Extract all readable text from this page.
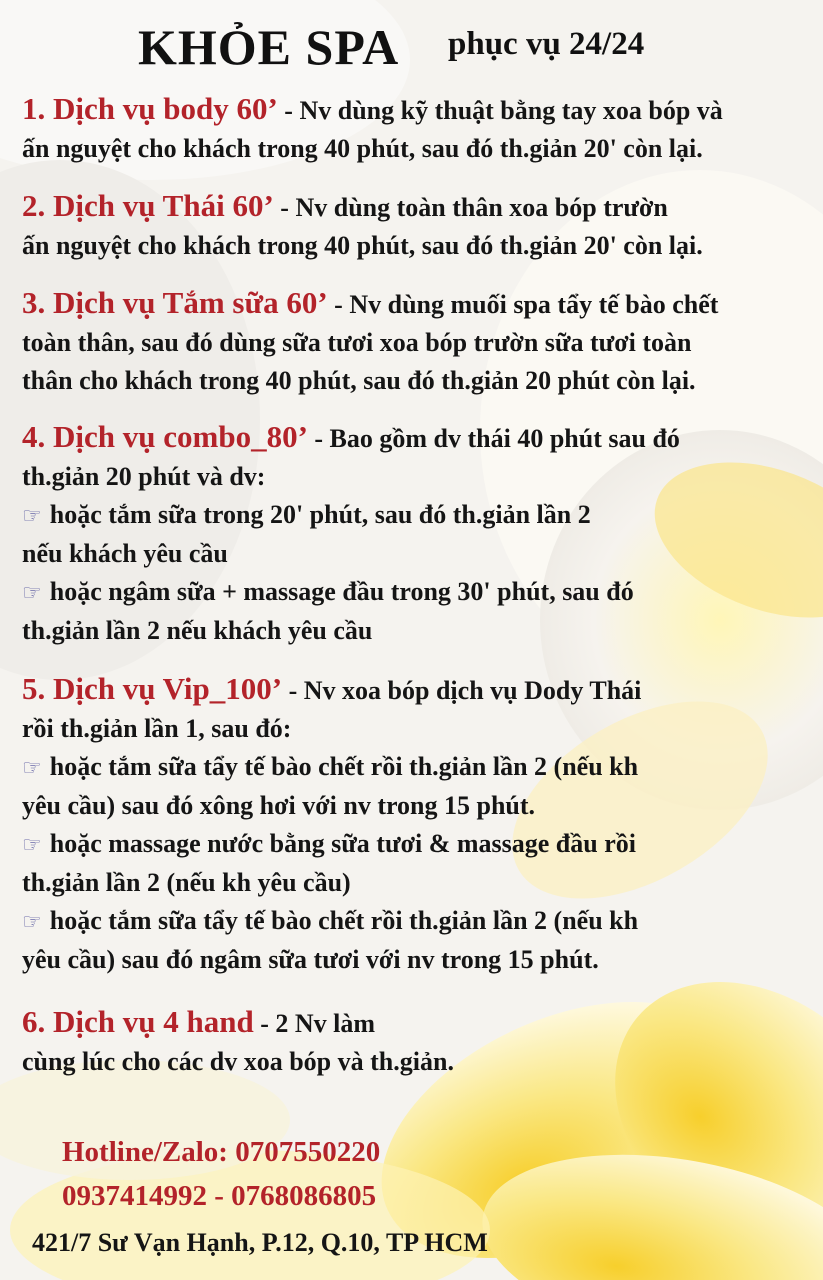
KHỎE SPA phục vụ 24/24
1. Dịch vụ body 60’ - Nv dùng kỹ thuật bằng tay xoa bóp và
ấn nguyệt cho khách trong 40 phút, sau đó th.giản 20' còn lại.
2. Dịch vụ Thái 60’ - Nv dùng toàn thân xoa bóp trườn
ấn nguyệt cho khách trong 40 phút, sau đó th.giản 20' còn lại.
3. Dịch vụ Tắm sữa 60’ - Nv dùng muối spa tẩy tế bào chết
toàn thân, sau đó dùng sữa tươi xoa bóp trườn sữa tươi toàn
thân cho khách trong 40 phút, sau đó th.giản 20 phút còn lại.
4. Dịch vụ combo_80’ - Bao gồm dv thái 40 phút sau đó
th.giản 20 phút và dv:
☞ hoặc tắm sữa trong 20' phút, sau đó th.giản lần 2
nếu khách yêu cầu
☞ hoặc ngâm sữa + massage đầu trong 30' phút, sau đó
th.giản lần 2 nếu khách yêu cầu
5. Dịch vụ Vip_100’ - Nv xoa bóp dịch vụ Dody Thái
rồi th.giản lần 1, sau đó:
☞ hoặc tắm sữa tẩy tế bào chết rồi th.giản lần 2 (nếu kh
yêu cầu) sau đó xông hơi với nv trong 15 phút.
☞ hoặc massage nước bằng sữa tươi & massage đầu rồi
th.giản lần 2 (nếu kh yêu cầu)
☞ hoặc tắm sữa tẩy tế bào chết rồi th.giản lần 2 (nếu kh
yêu cầu) sau đó ngâm sữa tươi với nv trong 15 phút.
6. Dịch vụ 4 hand - 2 Nv làm
cùng lúc cho các dv xoa bóp và th.giản.
Hotline/Zalo: 0707550220
0937414992 - 0768086805
421/7 Sư Vạn Hạnh, P.12, Q.10, TP HCM
